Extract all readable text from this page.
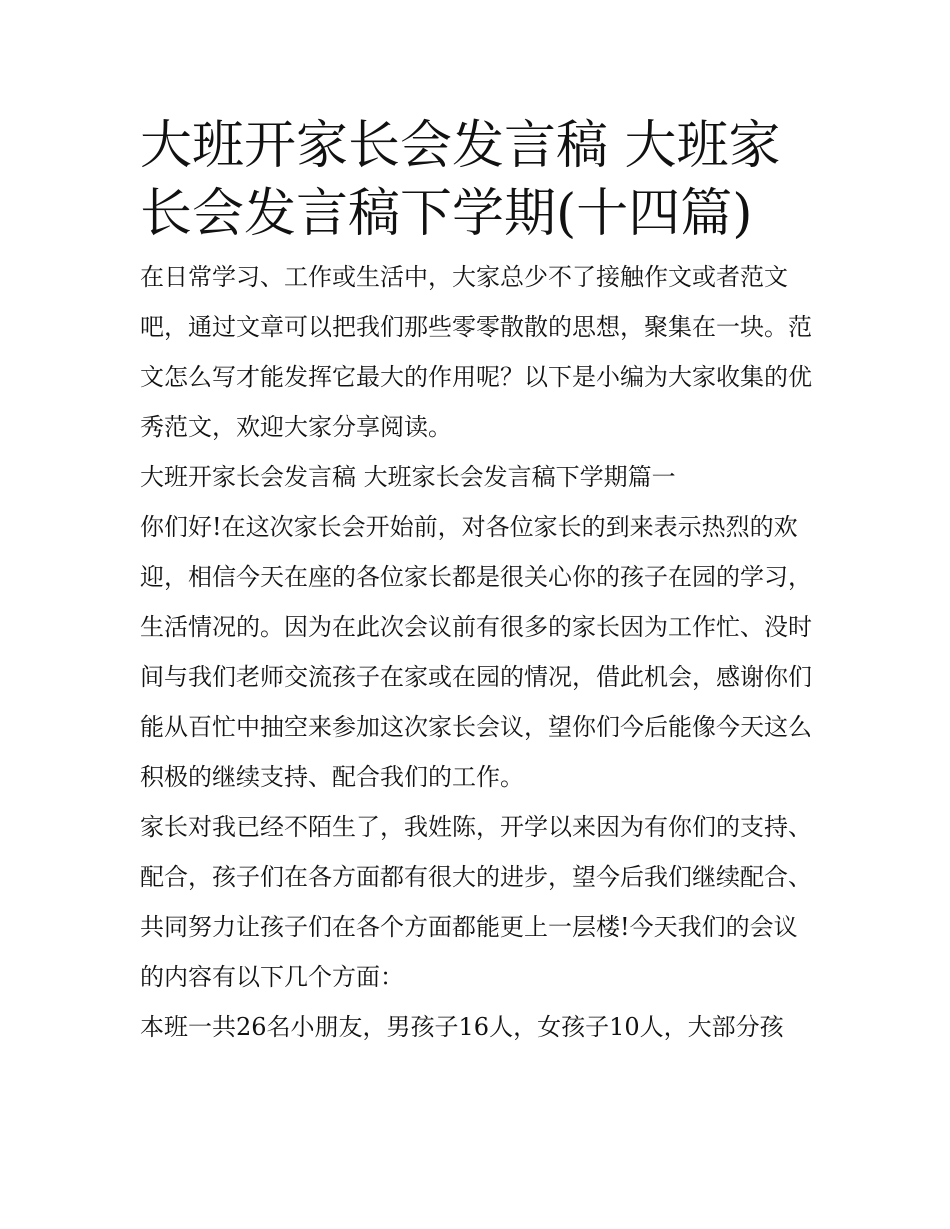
大班开家长会发言稿 大班家长会发言稿下学期(十四篇)

在日常学习、工作或生活中，大家总少不了接触作文或者范文吧，通过文章可以把我们那些零零散散的思想，聚集在一块。范文怎么写才能发挥它最大的作用呢？以下是小编为大家收集的优秀范文，欢迎大家分享阅读。

大班开家长会发言稿 大班家长会发言稿下学期篇一

你们好!在这次家长会开始前，对各位家长的到来表示热烈的欢迎，相信今天在座的各位家长都是很关心你的孩子在园的学习，生活情况的。因为在此次会议前有很多的家长因为工作忙、没时间与我们老师交流孩子在家或在园的情况，借此机会，感谢你们能从百忙中抽空来参加这次家长会议，望你们今后能像今天这么积极的继续支持、配合我们的工作。

家长对我已经不陌生了，我姓陈，开学以来因为有你们的支持、配合，孩子们在各方面都有很大的进步，望今后我们继续配合、共同努力让孩子们在各个方面都能更上一层楼!今天我们的会议的内容有以下几个方面：

本班一共26名小朋友，男孩子16人，女孩子10人，大部分孩
